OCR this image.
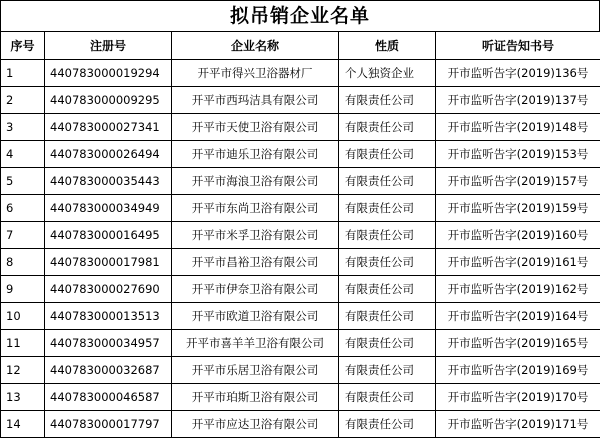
拟吊销企业名单
序号	注册号	企业名称	性质	听证告知书号
1	440783000019294	开平市得兴卫浴器材厂	个人独资企业	开市监听告字(2019)136号
2	440783000009295	开平市西玛洁具有限公司	有限责任公司	开市监听告字(2019)137号
3	440783000027341	开平市天使卫浴有限公司	有限责任公司	开市监听告字(2019)148号
4	440783000026494	开平市迪乐卫浴有限公司	有限责任公司	开市监听告字(2019)153号
5	440783000035443	开平市海浪卫浴有限公司	有限责任公司	开市监听告字(2019)157号
6	440783000034949	开平市东尚卫浴有限公司	有限责任公司	开市监听告字(2019)159号
7	440783000016495	开平市米孚卫浴有限公司	有限责任公司	开市监听告字(2019)160号
8	440783000017981	开平市昌裕卫浴有限公司	有限责任公司	开市监听告字(2019)161号
9	440783000027690	开平市伊奈卫浴有限公司	有限责任公司	开市监听告字(2019)162号
10	440783000013513	开平市欧道卫浴有限公司	有限责任公司	开市监听告字(2019)164号
11	440783000034957	开平市喜羊羊卫浴有限公司	有限责任公司	开市监听告字(2019)165号
12	440783000032687	开平市乐居卫浴有限公司	有限责任公司	开市监听告字(2019)169号
13	440783000046587	开平市珀斯卫浴有限公司	有限责任公司	开市监听告字(2019)170号
14	440783000017797	开平市应达卫浴有限公司	有限责任公司	开市监听告字(2019)171号
